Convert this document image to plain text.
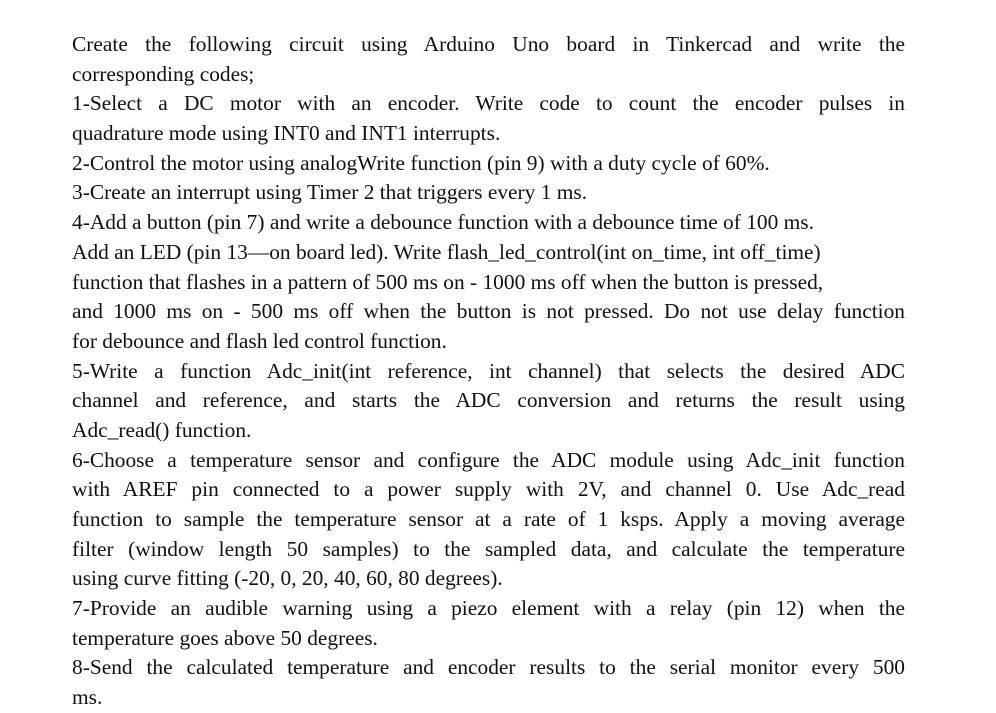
Create the following circuit using Arduino Uno board in Tinkercad and write the
corresponding codes;
1-Select a DC motor with an encoder. Write code to count the encoder pulses in
quadrature mode using INT0 and INT1 interrupts.
2-Control the motor using analogWrite function (pin 9) with a duty cycle of 60%.
3-Create an interrupt using Timer 2 that triggers every 1 ms.
4-Add a button (pin 7) and write a debounce function with a debounce time of 100 ms.
Add an LED (pin 13—on board led). Write flash_led_control(int on_time, int off_time)
function that flashes in a pattern of 500 ms on - 1000 ms off when the button is pressed,
and 1000 ms on - 500 ms off when the button is not pressed. Do not use delay function
for debounce and flash led control function.
5-Write a function Adc_init(int reference, int channel) that selects the desired ADC
channel and reference, and starts the ADC conversion and returns the result using
Adc_read() function.
6-Choose a temperature sensor and configure the ADC module using Adc_init function
with AREF pin connected to a power supply with 2V, and channel 0. Use Adc_read
function to sample the temperature sensor at a rate of 1 ksps. Apply a moving average
filter (window length 50 samples) to the sampled data, and calculate the temperature
using curve fitting (-20, 0, 20, 40, 60, 80 degrees).
7-Provide an audible warning using a piezo element with a relay (pin 12) when the
temperature goes above 50 degrees.
8-Send the calculated temperature and encoder results to the serial monitor every 500
ms.
